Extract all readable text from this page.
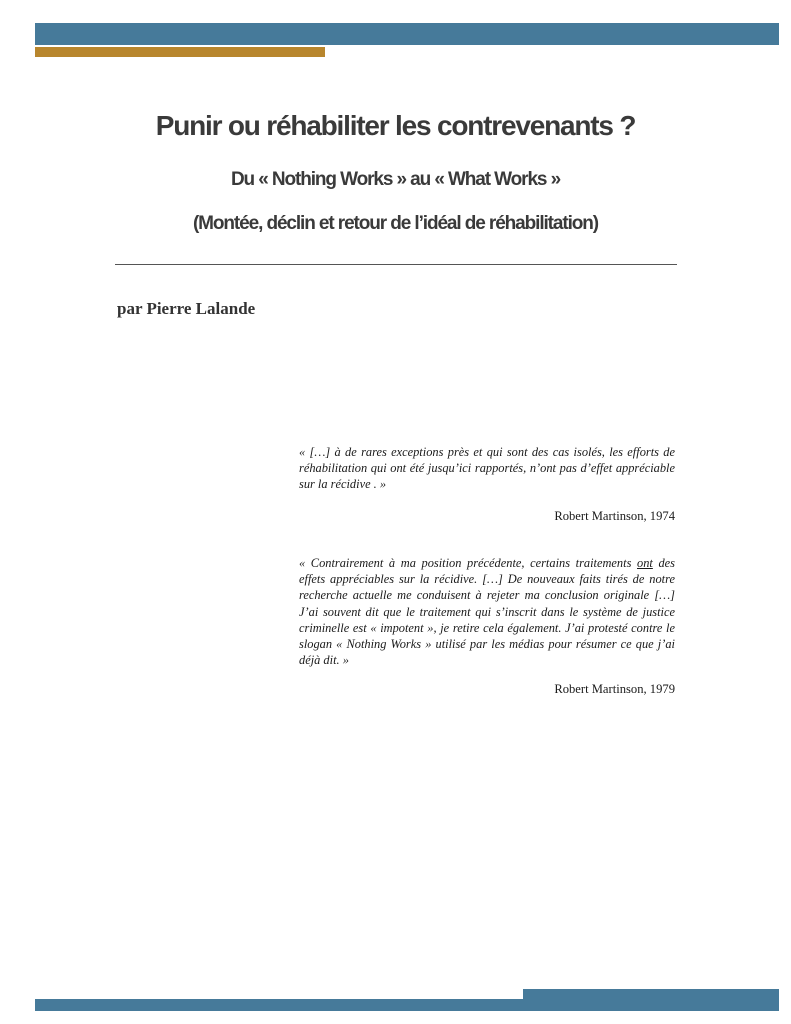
Punir ou réhabiliter les contrevenants ?
Du « Nothing Works » au « What Works »
(Montée, déclin et retour de l’idéal de réhabilitation)
par Pierre Lalande

« […] à de rares exceptions près et qui sont des cas isolés, les efforts de réhabilitation qui ont été jusqu’ici rapportés, n’ont pas d’effet appréciable sur la récidive . »

Robert Martinson, 1974

« Contrairement à ma position précédente, certains traitements ont des effets appréciables sur la récidive. […] De nouveaux faits tirés de notre recherche actuelle me conduisent à rejeter ma conclusion originale […] J’ai souvent dit que le traitement qui s’inscrit dans le système de justice criminelle est « impotent », je retire cela également. J’ai protesté contre le slogan « Nothing Works » utilisé par les médias pour résumer ce que j’ai déjà dit. »

Robert Martinson, 1979
